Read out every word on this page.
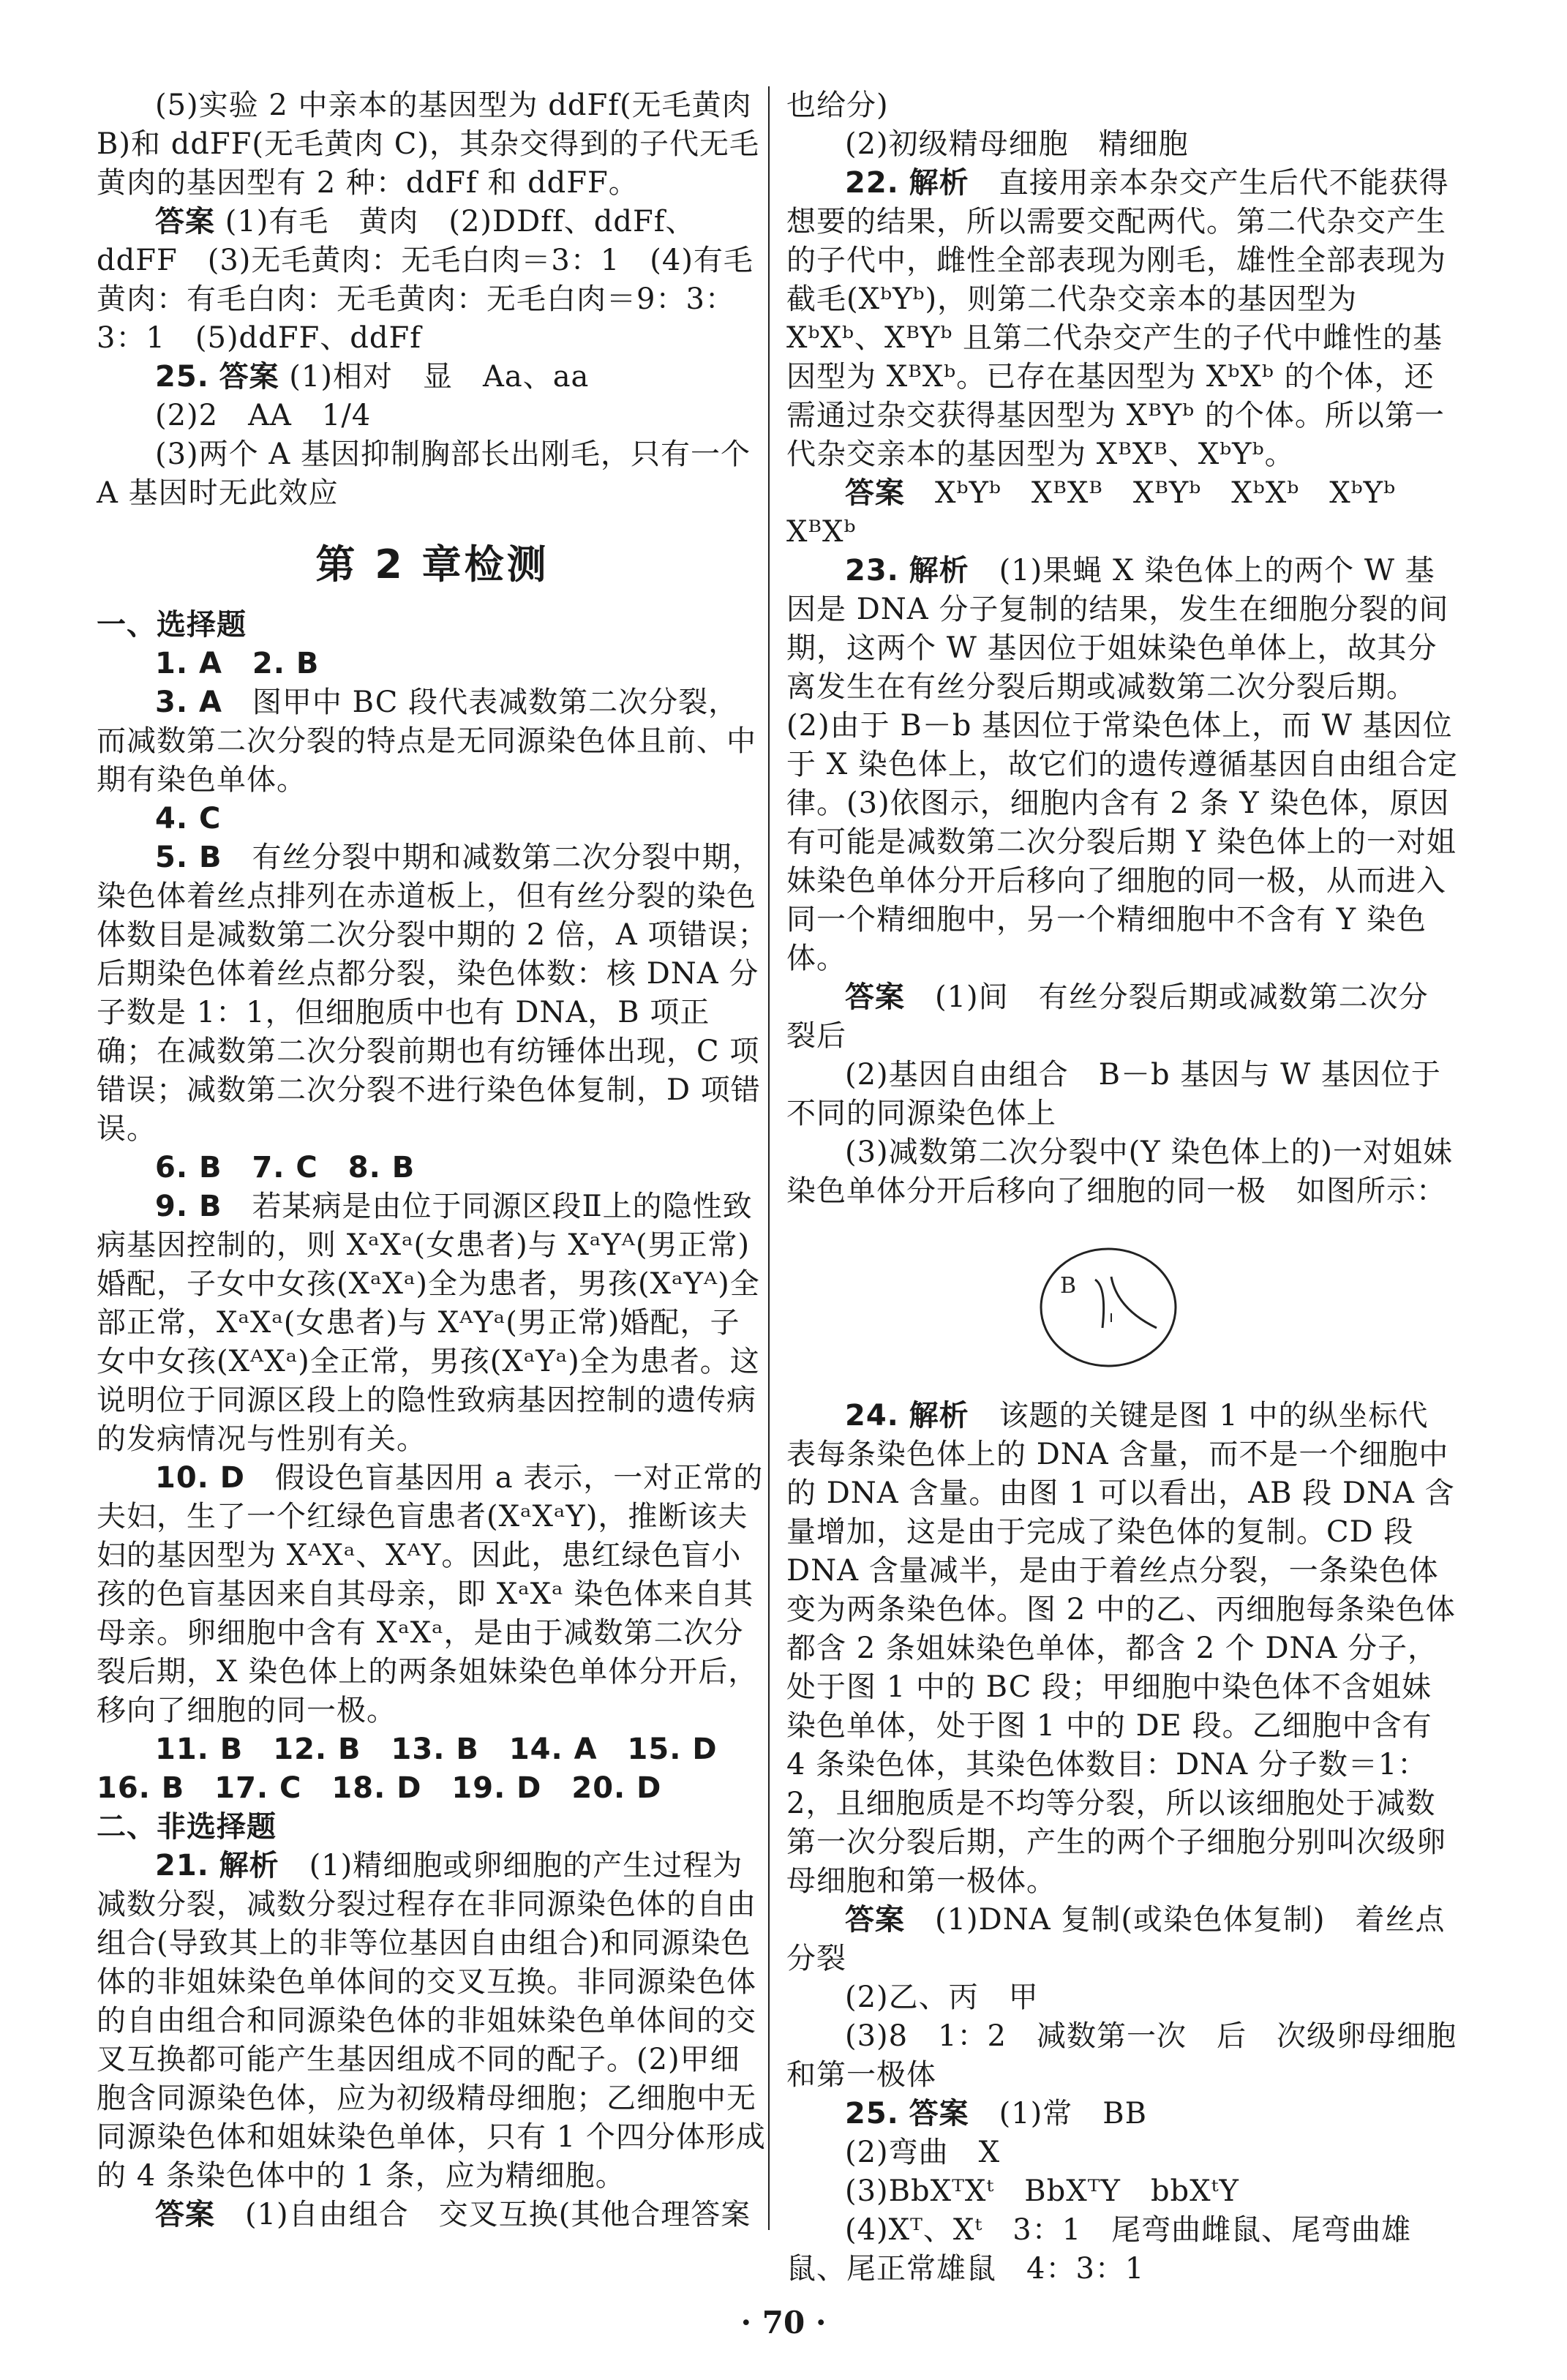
(5)实验 2 中亲本的基因型为 ddFf(无毛黄肉 B)和 ddFF(无毛黄肉 C)，其杂交得到的子代无毛黄肉的基因型有 2 种：ddFf 和 ddFF。

答案 (1)有毛　黄肉　(2)DDff、ddFf、ddFF　(3)无毛黄肉：无毛白肉＝3：1　(4)有毛黄肉：有毛白肉：无毛黄肉：无毛白肉＝9：3：3：1　(5)ddFF、ddFf

25. 答案 (1)相对　显　Aa、aa

(2)2　AA　1/4

(3)两个 A 基因抑制胸部长出刚毛，只有一个 A 基因时无此效应

第 2 章检测

一、选择题

1. A　2. B

3. A　 图甲中 BC 段代表减数第二次分裂，而减数第二次分裂的特点是无同源染色体且前、中期有染色单体。

4. C

5. B　 有丝分裂中期和减数第二次分裂中期，染色体着丝点排列在赤道板上，但有丝分裂的染色体数目是减数第二次分裂中期的 2 倍，A 项错误；后期染色体着丝点都分裂，染色体数：核 DNA 分子数是 1：1，但细胞质中也有 DNA，B 项正确；在减数第二次分裂前期也有纺锤体出现，C 项错误；减数第二次分裂不进行染色体复制，D 项错误。

6. B　7. C　8. B

9. B　 若某病是由位于同源区段Ⅱ上的隐性致病基因控制的，则 XᵃXᵃ(女患者)与 XᵃYᴬ(男正常)婚配，子女中女孩(XᵃXᵃ)全为患者，男孩(XᵃYᴬ)全部正常，XᵃXᵃ(女患者)与 XᴬYᵃ(男正常)婚配，子女中女孩(XᴬXᵃ)全正常，男孩(XᵃYᵃ)全为患者。这说明位于同源区段上的隐性致病基因控制的遗传病的发病情况与性别有关。

10. D　 假设色盲基因用 a 表示，一对正常的夫妇，生了一个红绿色盲患者(XᵃXᵃY)，推断该夫妇的基因型为 XᴬXᵃ、XᴬY。因此，患红绿色盲小孩的色盲基因来自其母亲，即 XᵃXᵃ 染色体来自其母亲。卵细胞中含有 XᵃXᵃ，是由于减数第二次分裂后期，X 染色体上的两条姐妹染色单体分开后，移向了细胞的同一极。

11. B　12. B　13. B　14. A　15. D　16. B　17. C　18. D　19. D　20. D

二、非选择题

21. 解析　 (1)精细胞或卵细胞的产生过程为减数分裂，减数分裂过程存在非同源染色体的自由组合(导致其上的非等位基因自由组合)和同源染色体的非姐妹染色单体间的交叉互换。非同源染色体的自由组合和同源染色体的非姐妹染色单体间的交叉互换都可能产生基因组成不同的配子。(2)甲细胞含同源染色体，应为初级精母细胞；乙细胞中无同源染色体和姐妹染色单体，只有 1 个四分体形成的 4 条染色体中的 1 条，应为精细胞。

答案　 (1)自由组合　交叉互换(其他合理答案

也给分)

(2)初级精母细胞　精细胞

22. 解析　 直接用亲本杂交产生后代不能获得想要的结果，所以需要交配两代。第二代杂交产生的子代中，雌性全部表现为刚毛，雄性全部表现为截毛(XᵇYᵇ)，则第二代杂交亲本的基因型为 XᵇXᵇ、XᴮYᵇ 且第二代杂交产生的子代中雌性的基因型为 XᴮXᵇ。已存在基因型为 XᵇXᵇ 的个体，还需通过杂交获得基因型为 XᴮYᵇ 的个体。所以第一代杂交亲本的基因型为 XᴮXᴮ、XᵇYᵇ。

答案　 XᵇYᵇ　XᴮXᴮ　XᴮYᵇ　XᵇXᵇ　XᵇYᵇ　XᴮXᵇ

23. 解析　 (1)果蝇 X 染色体上的两个 W 基因是 DNA 分子复制的结果，发生在细胞分裂的间期，这两个 W 基因位于姐妹染色单体上，故其分离发生在有丝分裂后期或减数第二次分裂后期。(2)由于 B－b 基因位于常染色体上，而 W 基因位于 X 染色体上，故它们的遗传遵循基因自由组合定律。(3)依图示，细胞内含有 2 条 Y 染色体，原因有可能是减数第二次分裂后期 Y 染色体上的一对姐妹染色单体分开后移向了细胞的同一极，从而进入同一个精细胞中，另一个精细胞中不含有 Y 染色体。

答案　 (1)间　有丝分裂后期或减数第二次分裂后

(2)基因自由组合　B－b 基因与 W 基因位于不同的同源染色体上

(3)减数第二次分裂中(Y 染色体上的)一对姐妹染色单体分开后移向了细胞的同一极　如图所示：

B

24. 解析　 该题的关键是图 1 中的纵坐标代表每条染色体上的 DNA 含量，而不是一个细胞中的 DNA 含量。由图 1 可以看出，AB 段 DNA 含量增加，这是由于完成了染色体的复制。CD 段 DNA 含量减半，是由于着丝点分裂，一条染色体变为两条染色体。图 2 中的乙、丙细胞每条染色体都含 2 条姐妹染色单体，都含 2 个 DNA 分子，处于图 1 中的 BC 段；甲细胞中染色体不含姐妹染色单体，处于图 1 中的 DE 段。乙细胞中含有 4 条染色体，其染色体数目：DNA 分子数＝1：2，且细胞质是不均等分裂，所以该细胞处于减数第一次分裂后期，产生的两个子细胞分别叫次级卵母细胞和第一极体。

答案　 (1)DNA 复制(或染色体复制)　着丝点分裂

(2)乙、丙　甲

(3)8　1：2　减数第一次　后　次级卵母细胞和第一极体

25. 答案　 (1)常　BB

(2)弯曲　X

(3)BbXᵀXᵗ　BbXᵀY　bbXᵗY

(4)Xᵀ、Xᵗ　3：1　尾弯曲雌鼠、尾弯曲雄鼠、尾正常雄鼠　4：3：1

· 70 ·
